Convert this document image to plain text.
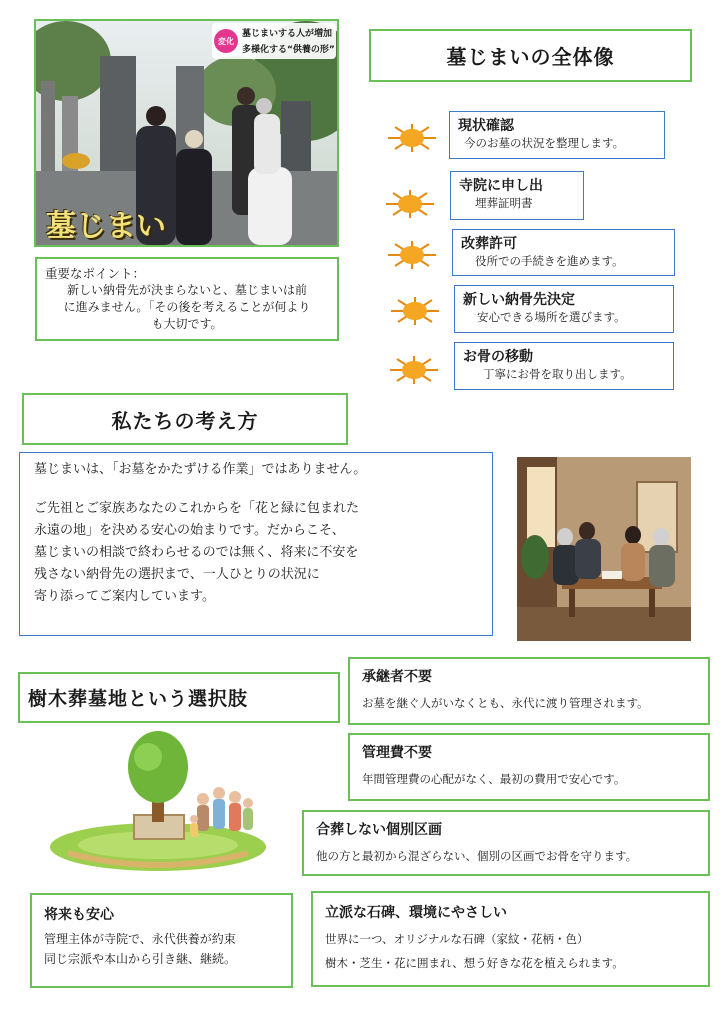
変化
墓じまいする人が増加
多様化する“供養の形”
墓じまい
重要なポイント：
新しい納骨先が決まらないと、墓じまいは前
に進みません。「その後を考えることが何より
も大切です。
墓じまいの全体像
現状確認
今のお墓の状況を整理します。
寺院に申し出
埋葬証明書
改葬許可
役所での手続きを進めます。
新しい納骨先決定
安心できる場所を選びます。
お骨の移動
丁寧にお骨を取り出します。
私たちの考え方
墓じまいは、「お墓をかたずける作業」ではありません。
ご先祖とご家族あなたのこれからを「花と緑に包まれた
永遠の地」を決める安心の始まりです。だからこそ、
墓じまいの相談で終わらせるのでは無く、将来に不安を
残さない納骨先の選択まで、一人ひとりの状況に
寄り添ってご案内しています。
樹木葬墓地という選択肢
承継者不要
お墓を継ぐ人がいなくとも、永代に渡り管理されます。
管理費不要
年間管理費の心配がなく、最初の費用で安心です。
合葬しない個別区画
他の方と最初から混ざらない、個別の区画でお骨を守ります。
将来も安心
管理主体が寺院で、永代供養が約束
同じ宗派や本山から引き継、継続。
立派な石碑、環境にやさしい
世界に一つ、オリジナルな石碑（家紋・花柄・色）
樹木・芝生・花に囲まれ、想う好きな花を植えられます。
